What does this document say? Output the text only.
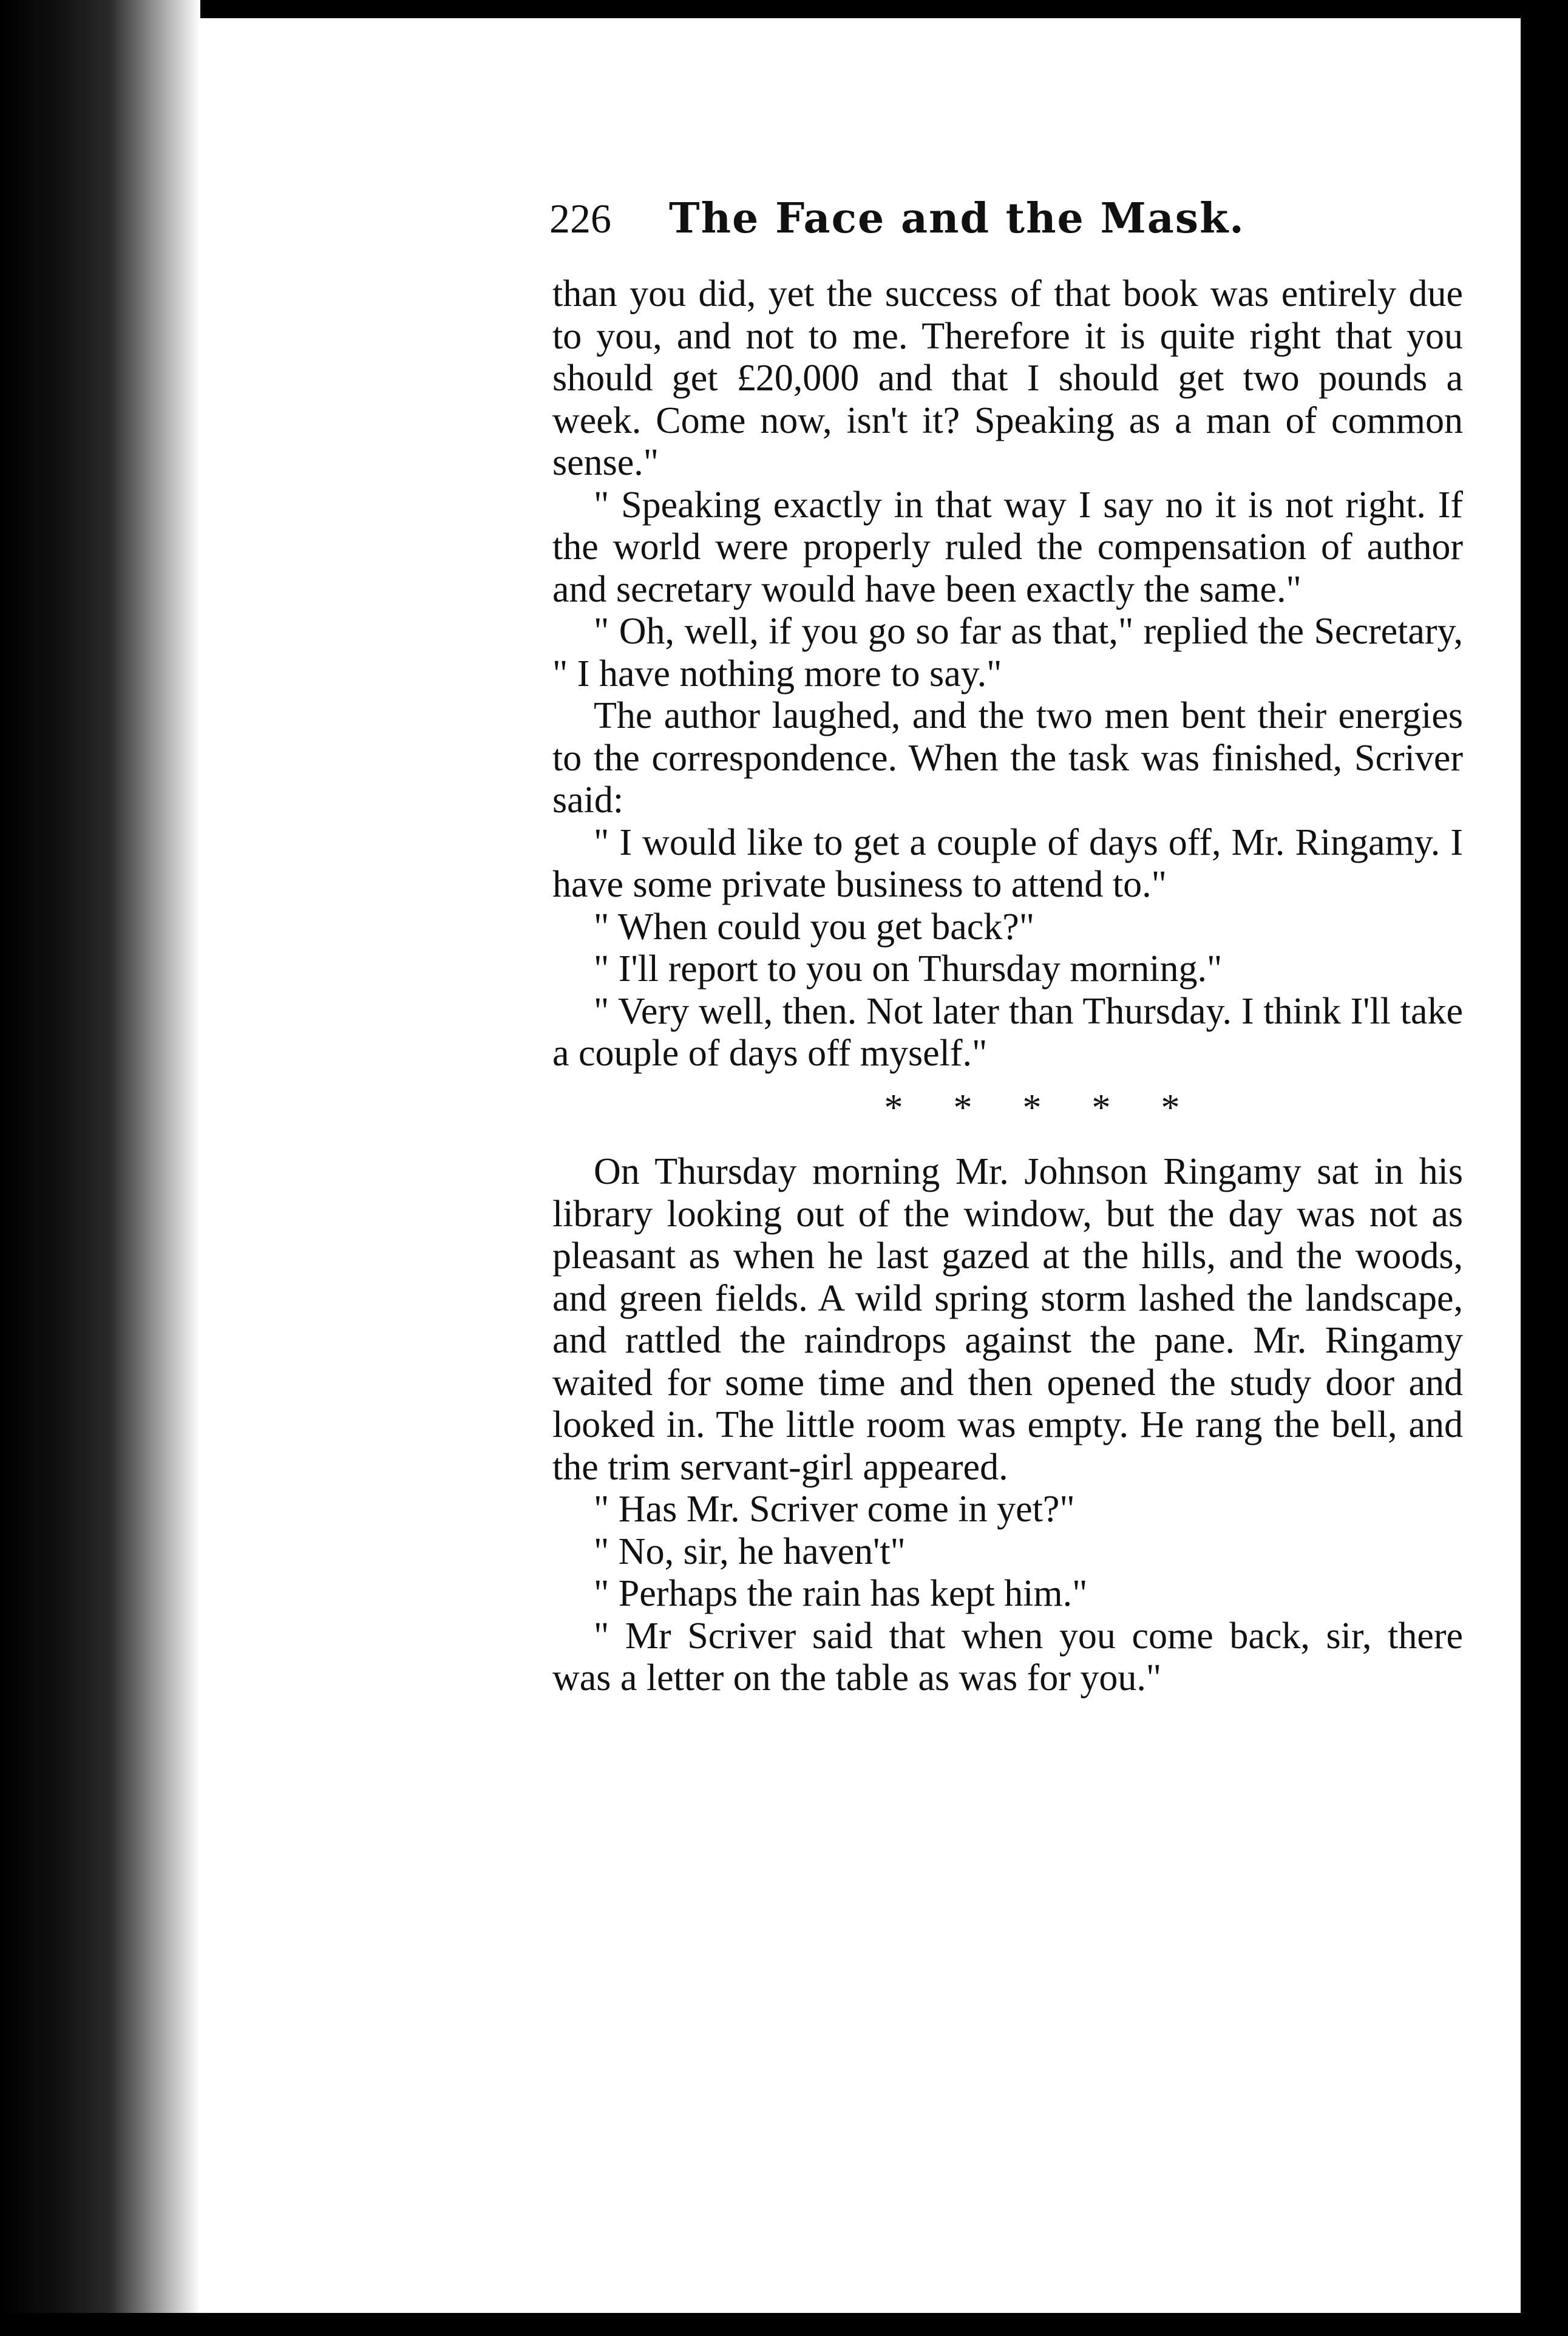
226 The Face and the Mask.

than you did, yet the success of that book was entirely due to you, and not to me. Therefore it is quite right that you should get £20,000 and that I should get two pounds a week. Come now, isn't it? Speaking as a man of common sense."

" Speaking exactly in that way I say no it is not right. If the world were properly ruled the compensation of author and secretary would have been exactly the same."

" Oh, well, if you go so far as that," replied the Secretary, " I have nothing more to say."

The author laughed, and the two men bent their energies to the correspondence. When the task was finished, Scriver said:

" I would like to get a couple of days off, Mr. Ringamy. I have some private business to attend to."

" When could you get back?"

" I'll report to you on Thursday morning."

" Very well, then. Not later than Thursday. I think I'll take a couple of days off myself."

*	*	*	*	*

On Thursday morning Mr. Johnson Ringamy sat in his library looking out of the window, but the day was not as pleasant as when he last gazed at the hills, and the woods, and green fields. A wild spring storm lashed the landscape, and rattled the raindrops against the pane. Mr. Ringamy waited for some time and then opened the study door and looked in. The little room was empty. He rang the bell, and the trim servant-girl appeared.

" Has Mr. Scriver come in yet?"

" No, sir, he haven't"

" Perhaps the rain has kept him."

" Mr Scriver said that when you come back, sir, there was a letter on the table as was for you."
